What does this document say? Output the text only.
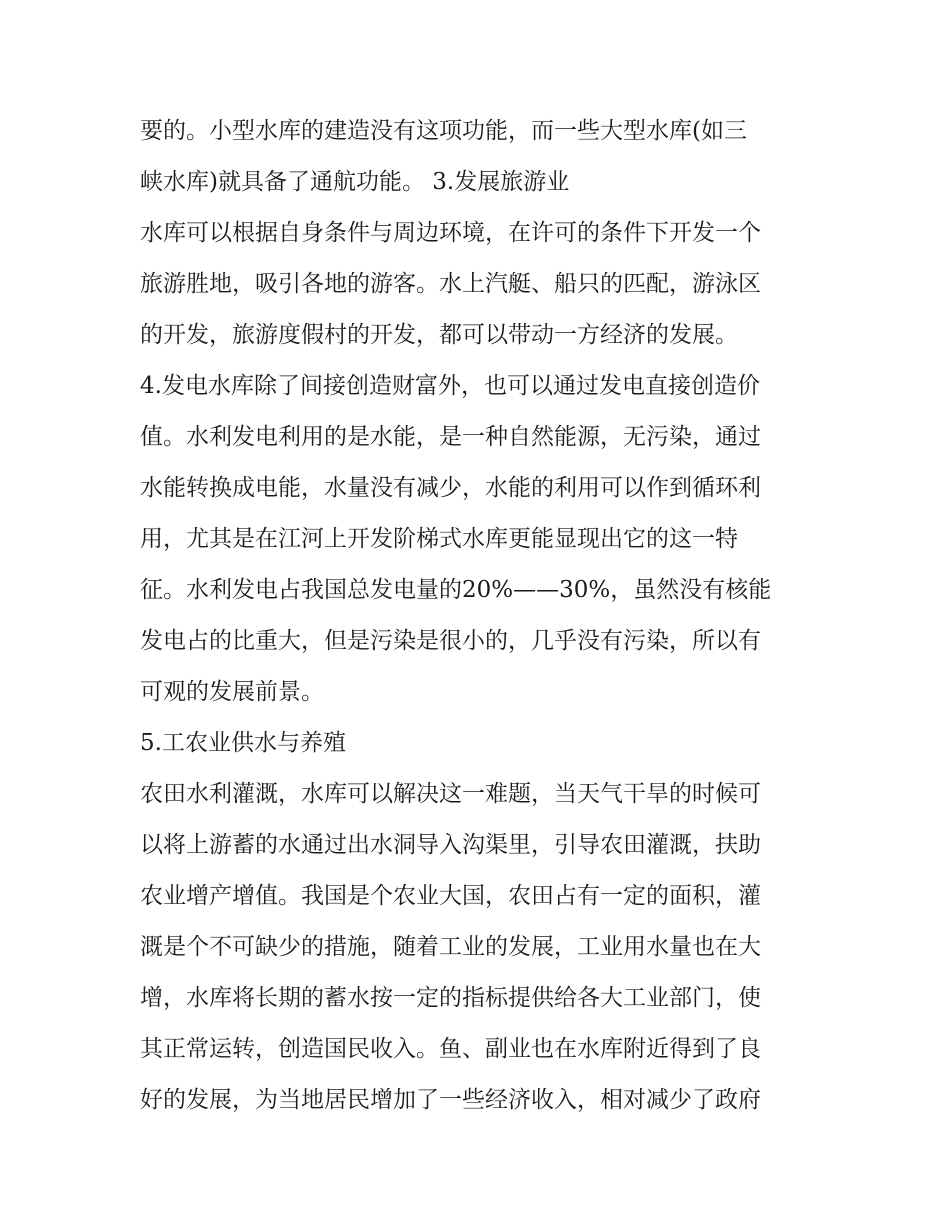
要的。小型水库的建造没有这项功能，而一些大型水库(如三
峡水库)就具备了通航功能。 3.发展旅游业
水库可以根据自身条件与周边环境，在许可的条件下开发一个
旅游胜地，吸引各地的游客。水上汽艇、船只的匹配，游泳区
的开发，旅游度假村的开发，都可以带动一方经济的发展。
4.发电水库除了间接创造财富外，也可以通过发电直接创造价
值。水利发电利用的是水能，是一种自然能源，无污染，通过
水能转换成电能，水量没有减少，水能的利用可以作到循环利
用，尤其是在江河上开发阶梯式水库更能显现出它的这一特
征。水利发电占我国总发电量的20%——30%，虽然没有核能
发电占的比重大，但是污染是很小的，几乎没有污染，所以有
可观的发展前景。
5.工农业供水与养殖
农田水利灌溉，水库可以解决这一难题，当天气干旱的时候可
以将上游蓄的水通过出水洞导入沟渠里，引导农田灌溉，扶助
农业增产增值。我国是个农业大国，农田占有一定的面积，灌
溉是个不可缺少的措施，随着工业的发展，工业用水量也在大
增，水库将长期的蓄水按一定的指标提供给各大工业部门，使
其正常运转，创造国民收入。鱼、副业也在水库附近得到了良
好的发展，为当地居民增加了一些经济收入，相对减少了政府
